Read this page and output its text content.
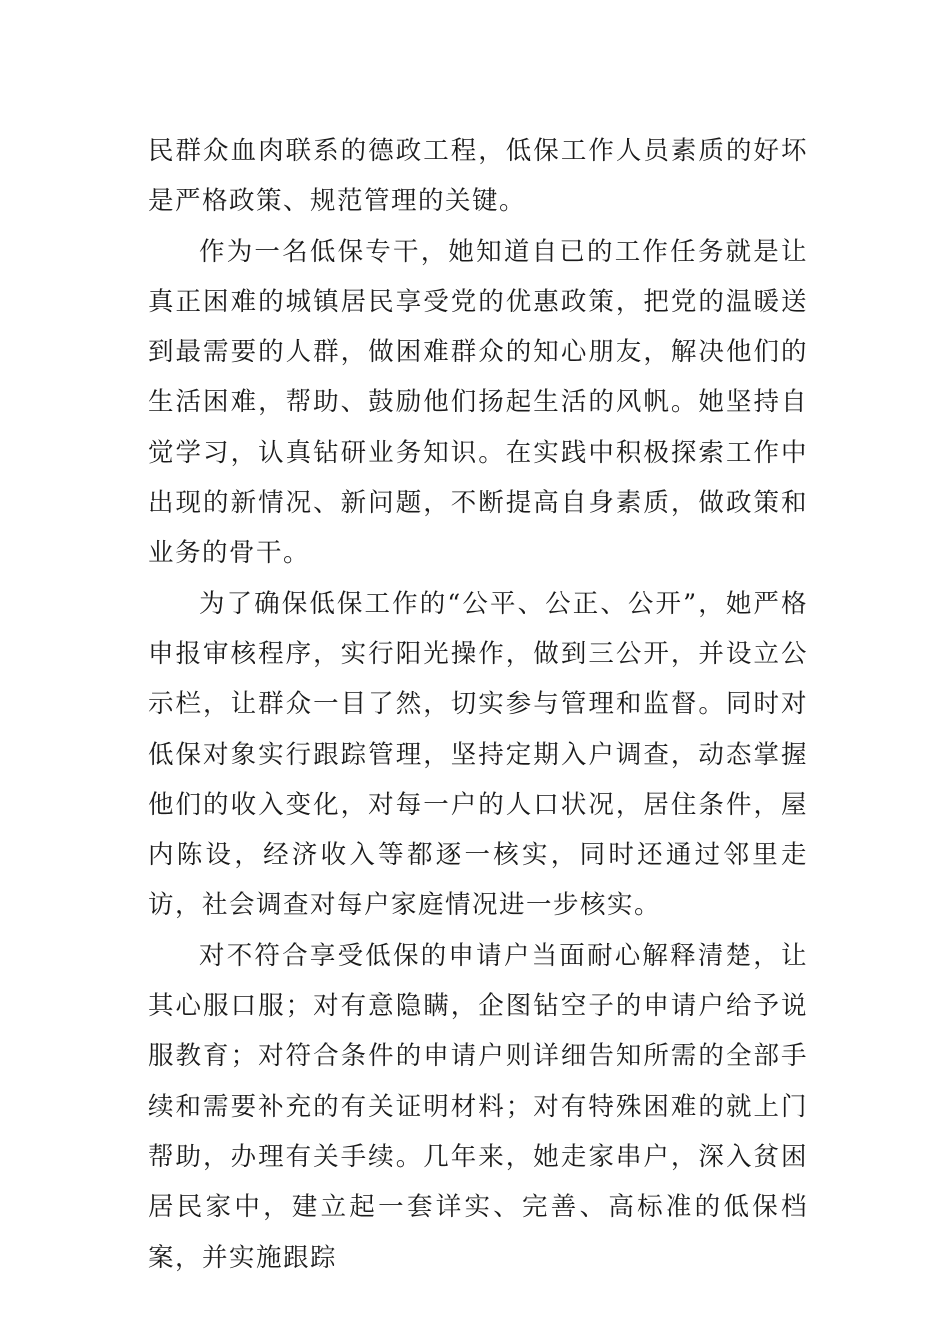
民群众血肉联系的德政工程，低保工作人员素质的好坏是严格政策、规范管理的关键。

作为一名低保专干，她知道自已的工作任务就是让真正困难的城镇居民享受党的优惠政策，把党的温暖送到最需要的人群，做困难群众的知心朋友，解决他们的生活困难，帮助、鼓励他们扬起生活的风帆。她坚持自觉学习，认真钻研业务知识。在实践中积极探索工作中出现的新情况、新问题，不断提高自身素质，做政策和业务的骨干。

为了确保低保工作的“公平、公正、公开”，她严格申报审核程序，实行阳光操作，做到三公开，并设立公示栏，让群众一目了然，切实参与管理和监督。同时对低保对象实行跟踪管理，坚持定期入户调查，动态掌握他们的收入变化，对每一户的人口状况，居住条件，屋内陈设，经济收入等都逐一核实，同时还通过邻里走访，社会调查对每户家庭情况进一步核实。

对不符合享受低保的申请户当面耐心解释清楚，让其心服口服；对有意隐瞒，企图钻空子的申请户给予说服教育；对符合条件的申请户则详细告知所需的全部手续和需要补充的有关证明材料；对有特殊困难的就上门帮助，办理有关手续。几年来，她走家串户，深入贫困居民家中，建立起一套详实、完善、高标准的低保档案，并实施跟踪
